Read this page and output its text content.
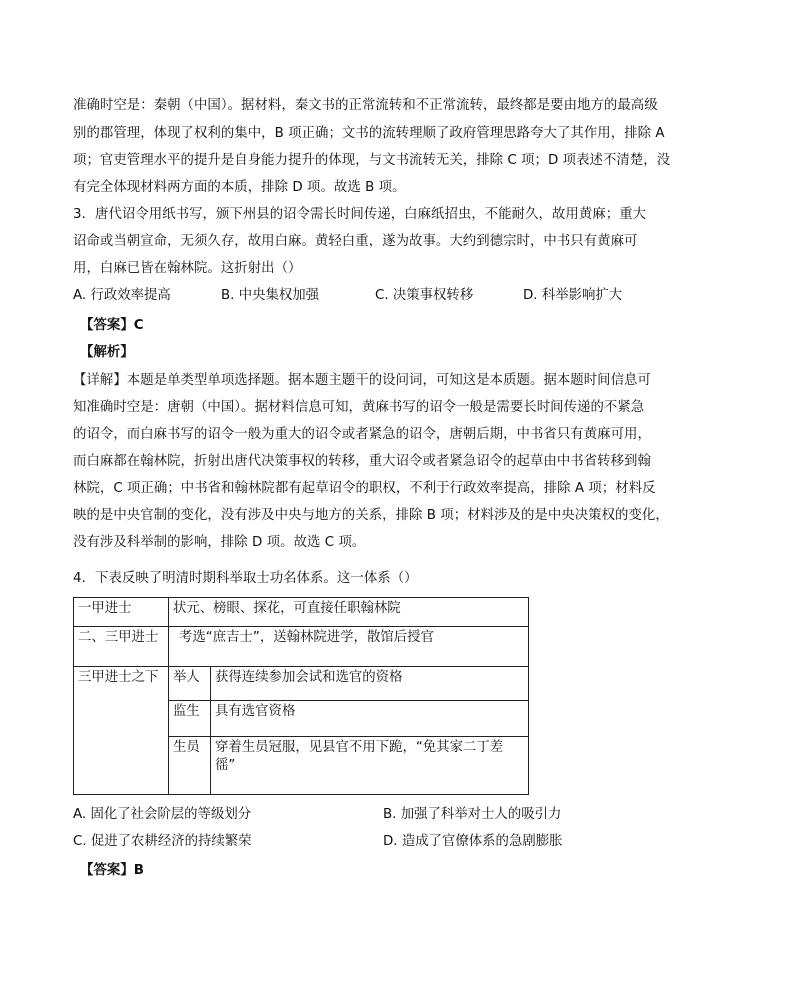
准确时空是：秦朝（中国）。据材料，秦文书的正常流转和不正常流转，最终都是要由地方的最高级
别的郡管理，体现了权利的集中，B 项正确；文书的流转理顺了政府管理思路夸大了其作用，排除 A
项；官吏管理水平的提升是自身能力提升的体现，与文书流转无关，排除 C 项；D 项表述不清楚，没
有完全体现材料两方面的本质，排除 D 项。故选 B 项。
3．唐代诏令用纸书写，颁下州县的诏令需长时间传递，白麻纸招虫，不能耐久，故用黄麻；重大
诏命或当朝宣命，无须久存，故用白麻。黄轻白重，遂为故事。大约到德宗时，中书只有黄麻可
用，白麻已皆在翰林院。这折射出（）
A. 行政效率提高	B. 中央集权加强	C. 决策事权转移	D. 科举影响扩大
【答案】C
【解析】
【详解】本题是单类型单项选择题。据本题主题干的设问词，可知这是本质题。据本题时间信息可
知准确时空是：唐朝（中国）。据材料信息可知，黄麻书写的诏令一般是需要长时间传递的不紧急
的诏令，而白麻书写的诏令一般为重大的诏令或者紧急的诏令，唐朝后期，中书省只有黄麻可用，
而白麻都在翰林院，折射出唐代决策事权的转移，重大诏令或者紧急诏令的起草由中书省转移到翰
林院，C 项正确；中书省和翰林院都有起草诏令的职权，不利于行政效率提高，排除 A 项；材料反
映的是中央官制的变化，没有涉及中央与地方的关系，排除 B 项；材料涉及的是中央决策权的变化，
没有涉及科举制的影响，排除 D 项。故选 C 项。
4．下表反映了明清时期科举取士功名体系。这一体系（）
一甲进士	状元、榜眼、探花，可直接任职翰林院	
二、三甲进士	考选“庶吉士”，送翰林院进学，散馆后授官	
三甲进士之下	举人	获得连续参加会试和选官的资格
	监生	具有选官资格
	生员	穿着生员冠服，见县官不用下跪，“免其家二丁差
徭”
A. 固化了社会阶层的等级划分	B. 加强了科举对士人的吸引力
C. 促进了农耕经济的持续繁荣	D. 造成了官僚体系的急剧膨胀
【答案】B
